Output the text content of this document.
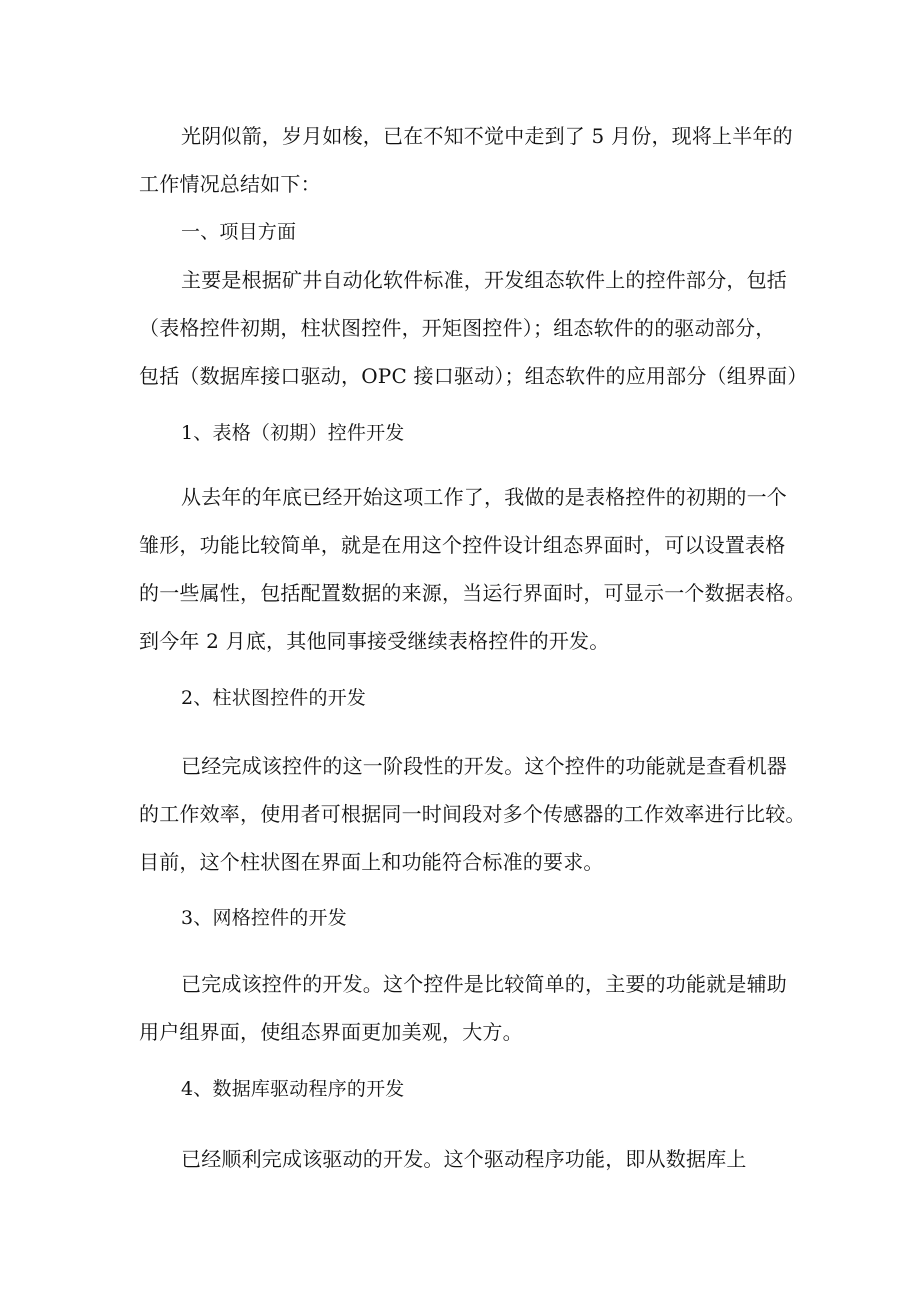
光阴似箭，岁月如梭，已在不知不觉中走到了 5 月份，现将上半年的
工作情况总结如下：
一、项目方面
主要是根据矿井自动化软件标准，开发组态软件上的控件部分，包括
（表格控件初期，柱状图控件，开矩图控件）；组态软件的的驱动部分，
包括（数据库接口驱动，OPC 接口驱动）；组态软件的应用部分（组界面）
1、表格（初期）控件开发
从去年的年底已经开始这项工作了，我做的是表格控件的初期的一个
雏形，功能比较简单，就是在用这个控件设计组态界面时，可以设置表格
的一些属性，包括配置数据的来源，当运行界面时，可显示一个数据表格。
到今年 2 月底，其他同事接受继续表格控件的开发。
2、柱状图控件的开发
已经完成该控件的这一阶段性的开发。这个控件的功能就是查看机器
的工作效率，使用者可根据同一时间段对多个传感器的工作效率进行比较。
目前，这个柱状图在界面上和功能符合标准的要求。
3、网格控件的开发
已完成该控件的开发。这个控件是比较简单的，主要的功能就是辅助
用户组界面，使组态界面更加美观，大方。
4、数据库驱动程序的开发
已经顺利完成该驱动的开发。这个驱动程序功能，即从数据库上
